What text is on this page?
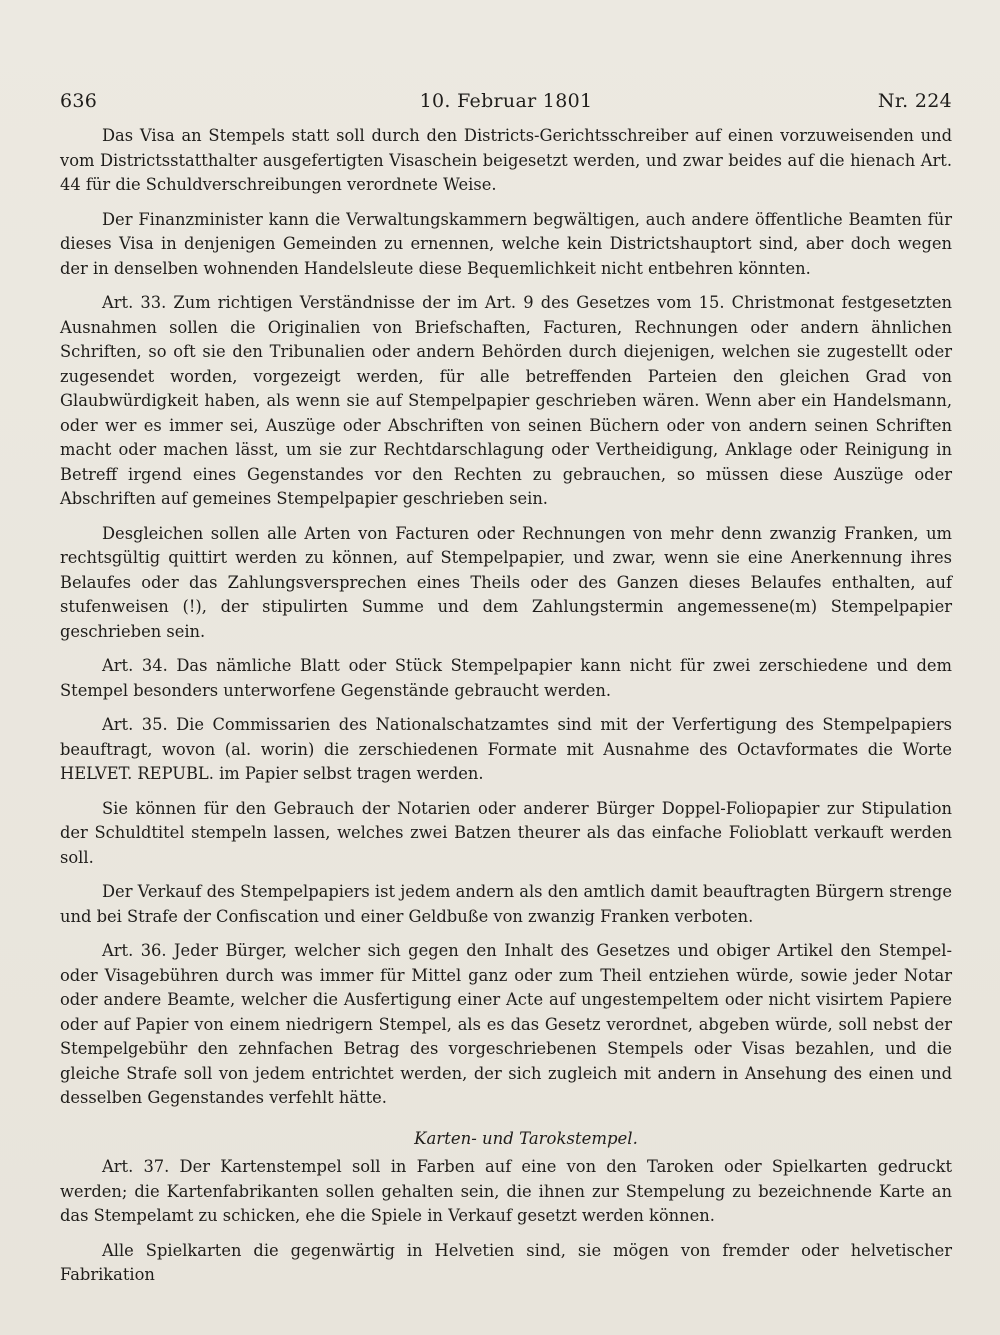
636	10. Februar 1801	Nr. 224

Das Visa an Stempels statt soll durch den Districts-Gerichtsschreiber auf einen vorzuweisenden und vom Districtsstatthalter ausgefertigten Visaschein beigesetzt werden, und zwar beides auf die hienach Art. 44 für die Schuldverschreibungen verordnete Weise.

Der Finanzminister kann die Verwaltungskammern begwältigen, auch andere öffentliche Beamten für dieses Visa in denjenigen Gemeinden zu ernennen, welche kein Districtshauptort sind, aber doch wegen der in denselben wohnenden Handelsleute diese Bequemlichkeit nicht entbehren könnten.

Art. 33. Zum richtigen Verständnisse der im Art. 9 des Gesetzes vom 15. Christmonat festgesetzten Ausnahmen sollen die Originalien von Briefschaften, Facturen, Rechnungen oder andern ähnlichen Schriften, so oft sie den Tribunalien oder andern Behörden durch diejenigen, welchen sie zugestellt oder zugesendet worden, vorgezeigt werden, für alle betreffenden Parteien den gleichen Grad von Glaubwürdigkeit haben, als wenn sie auf Stempelpapier geschrieben wären. Wenn aber ein Handelsmann, oder wer es immer sei, Auszüge oder Abschriften von seinen Büchern oder von andern seinen Schriften macht oder machen lässt, um sie zur Rechtdarschlagung oder Vertheidigung, Anklage oder Reinigung in Betreff irgend eines Gegenstandes vor den Rechten zu gebrauchen, so müssen diese Auszüge oder Abschriften auf gemeines Stempelpapier geschrieben sein.

Desgleichen sollen alle Arten von Facturen oder Rechnungen von mehr denn zwanzig Franken, um rechtsgültig quittirt werden zu können, auf Stempelpapier, und zwar, wenn sie eine Anerkennung ihres Belaufes oder das Zahlungsversprechen eines Theils oder des Ganzen dieses Belaufes enthalten, auf stufenweisen (!), der stipulirten Summe und dem Zahlungstermin angemessene(m) Stempelpapier geschrieben sein.

Art. 34. Das nämliche Blatt oder Stück Stempelpapier kann nicht für zwei zerschiedene und dem Stempel besonders unterworfene Gegenstände gebraucht werden.

Art. 35. Die Commissarien des Nationalschatzamtes sind mit der Verfertigung des Stempelpapiers beauftragt, wovon (al. worin) die zerschiedenen Formate mit Ausnahme des Octavformates die Worte HELVET. REPUBL. im Papier selbst tragen werden.

Sie können für den Gebrauch der Notarien oder anderer Bürger Doppel-Foliopapier zur Stipulation der Schuldtitel stempeln lassen, welches zwei Batzen theurer als das einfache Folioblatt verkauft werden soll.

Der Verkauf des Stempelpapiers ist jedem andern als den amtlich damit beauftragten Bürgern strenge und bei Strafe der Confiscation und einer Geldbuße von zwanzig Franken verboten.

Art. 36. Jeder Bürger, welcher sich gegen den Inhalt des Gesetzes und obiger Artikel den Stempel- oder Visagebühren durch was immer für Mittel ganz oder zum Theil entziehen würde, sowie jeder Notar oder andere Beamte, welcher die Ausfertigung einer Acte auf ungestempeltem oder nicht visirtem Papiere oder auf Papier von einem niedrigern Stempel, als es das Gesetz verordnet, abgeben würde, soll nebst der Stempelgebühr den zehnfachen Betrag des vorgeschriebenen Stempels oder Visas bezahlen, und die gleiche Strafe soll von jedem entrichtet werden, der sich zugleich mit andern in Ansehung des einen und desselben Gegenstandes verfehlt hätte.

Karten- und Tarokstempel.

Art. 37. Der Kartenstempel soll in Farben auf eine von den Taroken oder Spielkarten gedruckt werden; die Kartenfabrikanten sollen gehalten sein, die ihnen zur Stempelung zu bezeichnende Karte an das Stempelamt zu schicken, ehe die Spiele in Verkauf gesetzt werden können.

Alle Spielkarten die gegenwärtig in Helvetien sind, sie mögen von fremder oder helvetischer Fabrikation
